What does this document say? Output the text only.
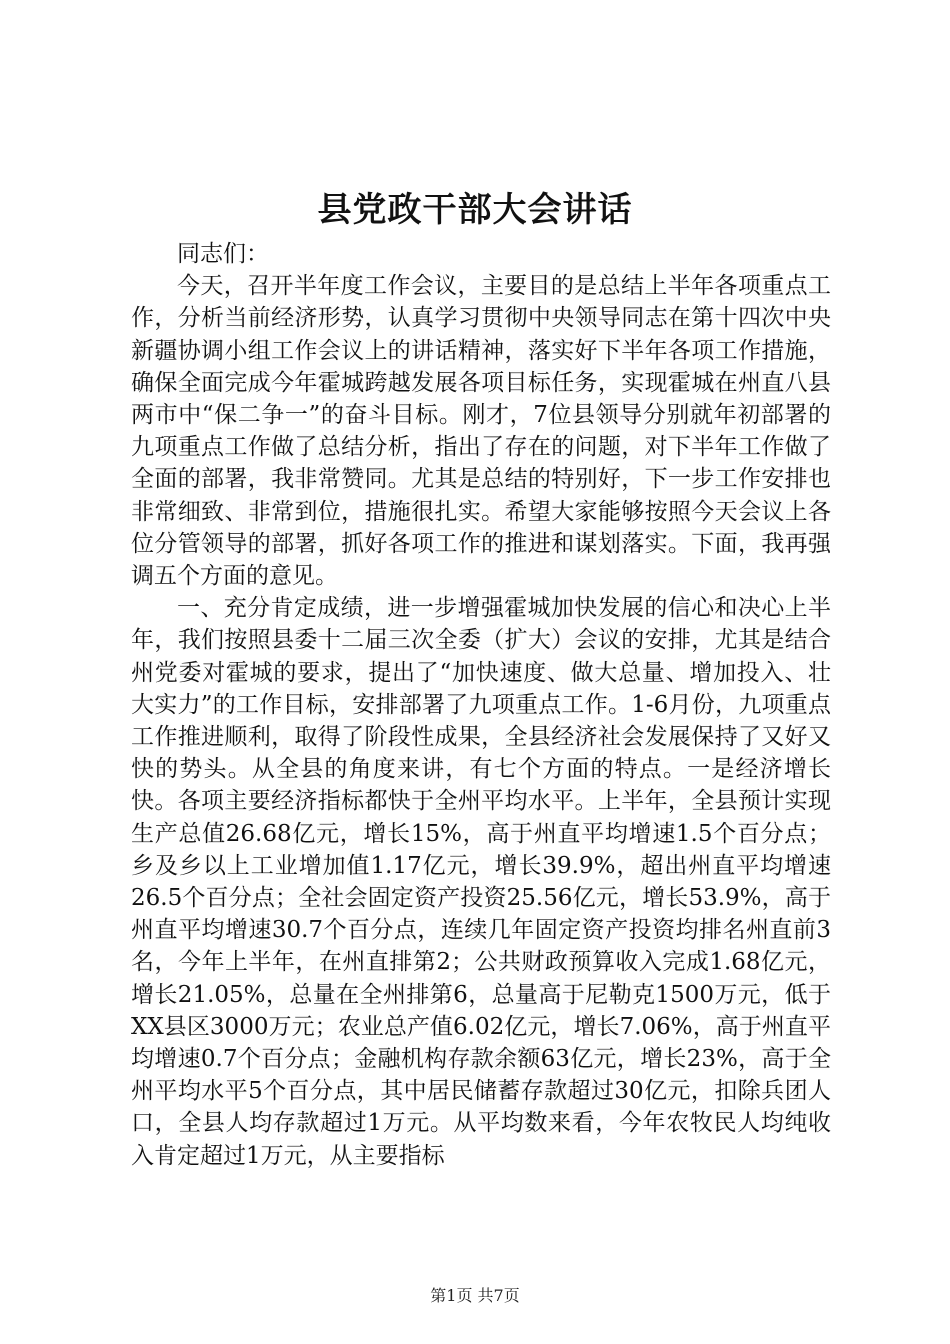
县党政干部大会讲话

同志们：

今天，召开半年度工作会议，主要目的是总结上半年各项重点工作，分析当前经济形势，认真学习贯彻中央领导同志在第十四次中央新疆协调小组工作会议上的讲话精神，落实好下半年各项工作措施，确保全面完成今年霍城跨越发展各项目标任务，实现霍城在州直八县两市中“保二争一”的奋斗目标。刚才，7位县领导分别就年初部署的九项重点工作做了总结分析，指出了存在的问题，对下半年工作做了全面的部署，我非常赞同。尤其是总结的特别好，下一步工作安排也非常细致、非常到位，措施很扎实。希望大家能够按照今天会议上各位分管领导的部署，抓好各项工作的推进和谋划落实。下面，我再强调五个方面的意见。

一、充分肯定成绩，进一步增强霍城加快发展的信心和决心上半年，我们按照县委十二届三次全委（扩大）会议的安排，尤其是结合州党委对霍城的要求，提出了“加快速度、做大总量、增加投入、壮大实力”的工作目标，安排部署了九项重点工作。1-6月份，九项重点工作推进顺利，取得了阶段性成果，全县经济社会发展保持了又好又快的势头。从全县的角度来讲，有七个方面的特点。一是经济增长快。各项主要经济指标都快于全州平均水平。上半年，全县预计实现生产总值26.68亿元，增长15%，高于州直平均增速1.5个百分点；乡及乡以上工业增加值1.17亿元，增长39.9%，超出州直平均增速26.5个百分点；全社会固定资产投资25.56亿元，增长53.9%，高于州直平均增速30.7个百分点，连续几年固定资产投资均排名州直前3名，今年上半年，在州直排第2；公共财政预算收入完成1.68亿元，增长21.05%，总量在全州排第6，总量高于尼勒克1500万元，低于XX县区3000万元；农业总产值6.02亿元，增长7.06%，高于州直平均增速0.7个百分点；金融机构存款余额63亿元，增长23%，高于全州平均水平5个百分点，其中居民储蓄存款超过30亿元，扣除兵团人口，全县人均存款超过1万元。从平均数来看，今年农牧民人均纯收入肯定超过1万元，从主要指标

第1页 共7页
